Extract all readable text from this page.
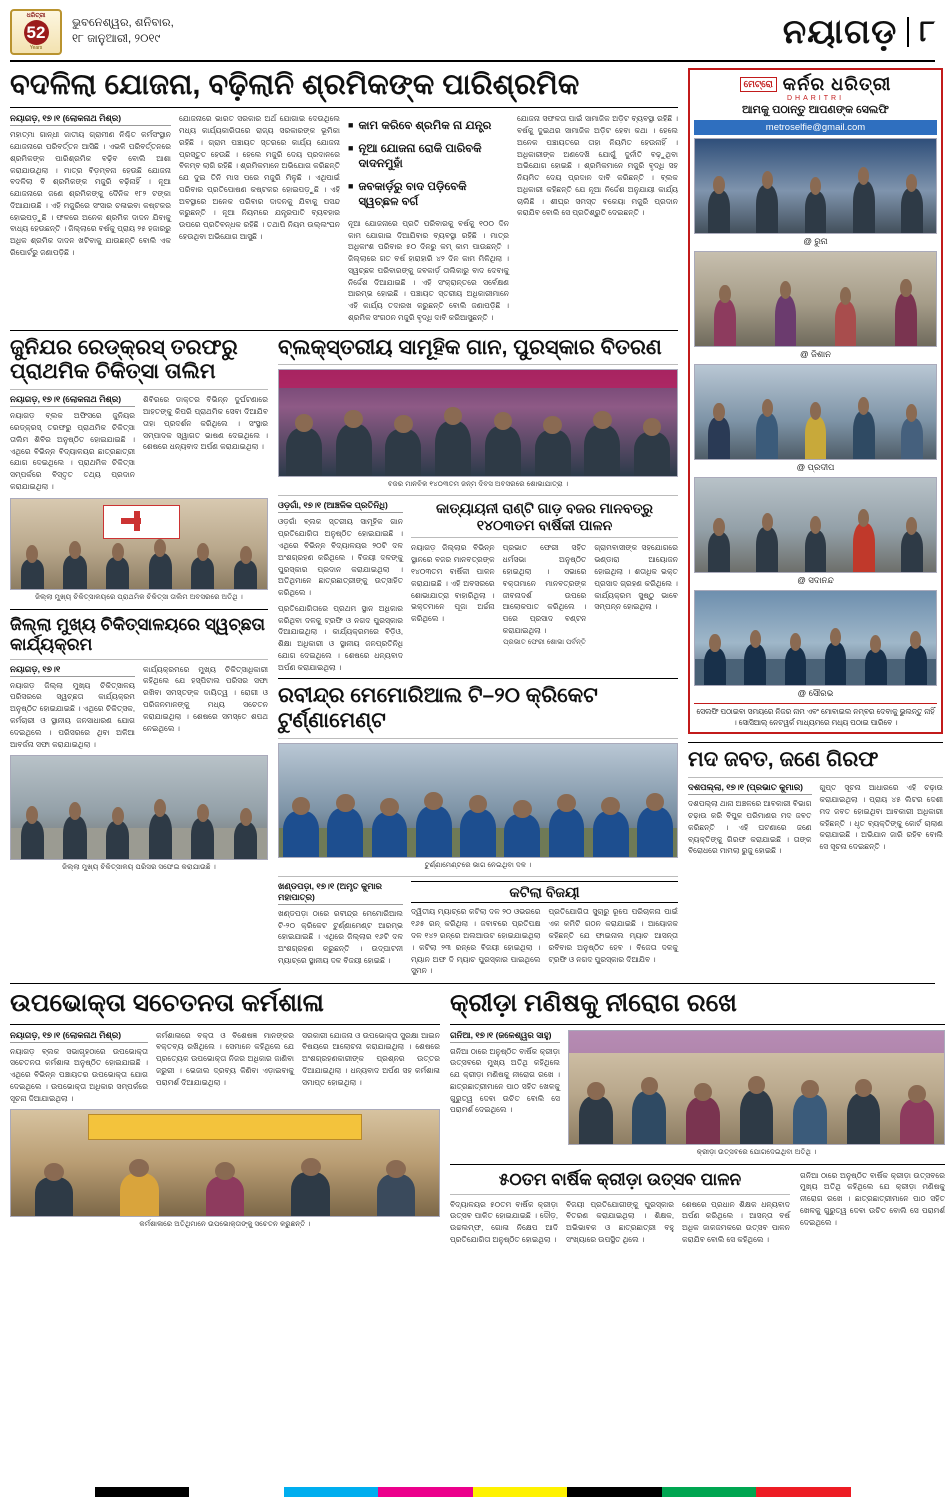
ଧରିତ୍ରୀ
52
Years
ଭୁବନେଶ୍ୱର, ଶନିବାର,
୧୮ ଜାନୁଆରୀ, ୨୦୧୯	ନୟାଗଡ଼ ୮
ବଦଳିଲା ଯୋଜନା, ବଢ଼ିଲାନି ଶ୍ରମିକଙ୍କ ପାରିଶ୍ରମିକ
ନୟାଗଡ଼, ୧୭।୧ (ଲୋକନାଥ ମିଶ୍ର)
ମହାତ୍ମା ଗାନ୍ଧୀ ଜାତୀୟ ଗ୍ରାମୀଣ ନିଶ୍ଚିତ କର୍ମସଂସ୍ଥାନ ଯୋଜନାରେ ପରିବର୍ତ୍ତନ ଆସିଛି । ଏଭଳି ପରିବର୍ତ୍ତନରେ ଶ୍ରମିକଙ୍କ ପାରିଶ୍ରମିକ ବଢ଼ିବ ବୋଲି ଆଶା କରାଯାଉଥିଲା । ମାତ୍ର ବିଡ଼ମ୍ବନା ହେଉଛି ଯୋଜନା ବଦଳିଲା ବି ଶ୍ରମିକଙ୍କ ମଜୁରି ବଢ଼ିନାହିଁ । ନୂଆ ଯୋଜନାରେ ଜଣେ ଶ୍ରମିକଙ୍କୁ ଦୈନିକ ୧୮୨ ଟଙ୍କା ଦିଆଯାଉଛି । ଏହି ମଜୁରିରେ ସଂସାର ଚଳାଇବା କଷ୍ଟକର ହୋଇପଡ଼ୁଛି । ଫଳରେ ଅନେକ ଶ୍ରମିକ ଦାଦନ ଯିବାକୁ ବାଧ୍ୟ ହେଉଛନ୍ତି । ଜିଲ୍ଲାରେ ବର୍ଷକୁ ପ୍ରାୟ ୨୫ ହଜାରରୁ ଅଧିକ ଶ୍ରମିକ ଦାଦନ ଖଟିବାକୁ ଯାଉଛନ୍ତି ବୋଲି ଏକ ରିପୋର୍ଟରୁ ଜଣାପଡ଼ିଛି ।
ଯୋଜନାରେ ଭାରତ ସରକାର ଅର୍ଥ ଯୋଗାଇ ଦେଉଥିଲେ ମଧ୍ୟ କାର୍ଯ୍ୟକାରିତାରେ ରାଜ୍ୟ ସରକାରଙ୍କ ଭୂମିକା ରହିଛି । ଗ୍ରାମ ପଞ୍ଚାୟତ ସ୍ତରରେ କାର୍ଯ୍ୟ ଯୋଜନା ପ୍ରସ୍ତୁତ ହେଉଛି । ହେଲେ ମଜୁରି ଦେୟ ପ୍ରଦାନରେ ବିଳମ୍ବ ଲାଗି ରହିଛି । ଶ୍ରମିକମାନେ ଅଭିଯୋଗ କରିଛନ୍ତି ଯେ ଦୁଇ ତିନି ମାସ ପରେ ମଜୁରି ମିଳୁଛି । ଏଥିପାଇଁ ପରିବାର ପ୍ରତିପୋଷଣ କଷ୍ଟକର ହୋଇପଡ଼ୁଛି । ଏହି ଅବସ୍ଥାରେ ଅନେକ ପରିବାର ଦାଦନକୁ ଯିବାକୁ ପସନ୍ଦ କରୁଛନ୍ତି । ନୂଆ ନିୟମରେ ଯନ୍ତ୍ରପାତି ବ୍ୟବହାର ଉପରେ ପ୍ରତିବନ୍ଧକ ରହିଛି । ତଥାପି ନିୟମ ଉଲ୍ଲଂଘନ ହେଉଥିବା ଅଭିଯୋଗ ଆସୁଛି ।
■ କାମ କରିବେ ଶ୍ରମିକ ନା ଯନ୍ତ୍ର
■ ନୂଆ ଯୋଜନା ରୋକି ପାରିବକି ଦାଦନମୁହାଁ
■ ଜବକାର୍ଡ଼ରୁ ବାଦ ପଡ଼ିବେକି ସ୍ୱଚ୍ଛଳ ବର୍ଗ
ନୂଆ ଯୋଜନାରେ ପ୍ରତି ପରିବାରକୁ ବର୍ଷକୁ ୧୦୦ ଦିନ କାମ ଯୋଗାଇ ଦିଆଯିବାର ବ୍ୟବସ୍ଥା ରହିଛି । ମାତ୍ର ଅଧିକାଂଶ ପରିବାର ୫୦ ଦିନରୁ କମ୍ କାମ ପାଉଛନ୍ତି । ଜିଲ୍ଲାରେ ଗତ ବର୍ଷ ହାରାହାରି ୪୨ ଦିନ କାମ ମିଳିଥିଲା । ସ୍ୱଚ୍ଛଳ ପରିବାରଙ୍କୁ ଜବକାର୍ଡ଼ ତାଲିକାରୁ ବାଦ ଦେବାକୁ ନିର୍ଦ୍ଦେଶ ଦିଆଯାଇଛି । ଏହି ସଂକ୍ରାନ୍ତରେ ସର୍ବେକ୍ଷଣ ଆରମ୍ଭ ହୋଇଛି । ପଞ୍ଚାୟତ ସ୍ତରୀୟ ଅଧିକାରୀମାନେ ଏହି କାର୍ଯ୍ୟ ତଦାରଖ କରୁଛନ୍ତି ବୋଲି ଜଣାପଡ଼ିଛି । ଶ୍ରମିକ ସଂଗଠନ ମଜୁରି ବୃଦ୍ଧି ଦାବି କରିଆସୁଛନ୍ତି ।
ଯୋଜନା ସଫଳତା ପାଇଁ ସାମାଜିକ ଅଡ଼ିଟ ବ୍ୟବସ୍ଥା ରହିଛି । ବର୍ଷକୁ ଦୁଇଥର ସାମାଜିକ ଅଡ଼ିଟ ହେବା କଥା । ହେଲେ ଅନେକ ପଞ୍ଚାୟତରେ ତାହା ନିୟମିତ ହେଉନାହିଁ । ଅଧିକାରୀଙ୍କ ଅଣଦେଖି ଯୋଗୁଁ ଦୁର୍ନୀତି ବଢ଼ୁଥିବା ଅଭିଯୋଗ ହୋଇଛି । ଶ୍ରମିକମାନେ ମଜୁରି ବୃଦ୍ଧି ସହ ନିୟମିତ ଦେୟ ପ୍ରଦାନ ଦାବି କରିଛନ୍ତି । ବ୍ଲକ ଅଧିକାରୀ କହିଛନ୍ତି ଯେ ନୂଆ ନିର୍ଦ୍ଦେଶ ଅନୁଯାୟୀ କାର୍ଯ୍ୟ ଚାଲିଛି । ଶୀଘ୍ର ସମସ୍ତ ବକେୟା ମଜୁରି ପ୍ରଦାନ କରାଯିବ ବୋଲି ସେ ପ୍ରତିଶ୍ରୁତି ଦେଇଛନ୍ତି ।
ଜୁନିଯର ରେଡ୍‌କ୍ରସ୍‌ ତରଫରୁ ପ୍ରାଥମିକ ଚିକିତ୍ସା ତାଲିମ
ନୟାଗଡ଼, ୧୭।୧ (ଲୋକନାଥ ମିଶ୍ର)
ନୟାଗଡ଼ ବ୍ଲକ ଅଫିସରେ ଜୁନିୟର ରେଡ୍‌କ୍ରସ୍ ତରଫରୁ ପ୍ରାଥମିକ ଚିକିତ୍ସା ତାଲିମ ଶିବିର ଅନୁଷ୍ଠିତ ହୋଇଯାଇଛି । ଏଥିରେ ବିଭିନ୍ନ ବିଦ୍ୟାଳୟର ଛାତ୍ରଛାତ୍ରୀ ଯୋଗ ଦେଇଥିଲେ । ପ୍ରାଥମିକ ଚିକିତ୍ସା ସମ୍ପର୍କରେ ବିସ୍ତୃତ ତଥ୍ୟ ପ୍ରଦାନ କରାଯାଇଥିଲା ।
ଶିବିରରେ ଡାକ୍ତର ବିଭିନ୍ନ ଦୁର୍ଘଟଣାରେ ଆହତଙ୍କୁ କିପରି ପ୍ରାଥମିକ ସେବା ଦିଆଯିବ ତାହା ପ୍ରଦର୍ଶନ କରିଥିଲେ । ସଂସ୍ଥାର ସମ୍ପାଦକ ସ୍ୱାଗତ ଭାଷଣ ଦେଇଥିଲେ । ଶେଷରେ ଧନ୍ୟବାଦ ଅର୍ପଣ କରାଯାଇଥିଲା ।
ଜିଲ୍ଲା ମୁଖ୍ୟ ଚିକିତ୍ସାଳୟରେ ପ୍ରାଥମିକ ଚିକିତ୍ସା ତାଲିମ ଅବସରରେ ଅତିଥି ।
ଜିଲ୍ଲା ମୁଖ୍ୟ ଚିକିତ୍ସାଳୟରେ ସ୍ୱଚ୍ଛତା କାର୍ଯ୍ୟକ୍ରମ
ନୟାଗଡ଼, ୧୭।୧
ନୟାଗଡ଼ ଜିଲ୍ଲା ମୁଖ୍ୟ ଚିକିତ୍ସାଳୟ ପରିସରରେ ସ୍ୱଚ୍ଛତା କାର୍ଯ୍ୟକ୍ରମ ଅନୁଷ୍ଠିତ ହୋଇଯାଇଛି । ଏଥିରେ ଚିକିତ୍ସକ, କର୍ମଚାରୀ ଓ ସ୍ଥାନୀୟ ଜନସାଧାରଣ ଯୋଗ ଦେଇଥିଲେ । ପରିସରରେ ଥିବା ଅଳିଆ ଆବର୍ଜନା ସଫା କରାଯାଇଥିଲା ।
କାର୍ଯ୍ୟକ୍ରମରେ ମୁଖ୍ୟ ଚିକିତ୍ସାଧିକାରୀ କହିଥିଲେ ଯେ ହସ୍ପିଟାଲ ପରିସର ସଫା ରଖିବା ସମସ୍ତଙ୍କ ଦାୟିତ୍ୱ । ରୋଗୀ ଓ ପରିଜନମାନଙ୍କୁ ମଧ୍ୟ ସଚେତନ କରାଯାଇଥିଲା । ଶେଷରେ ସମସ୍ତେ ଶପଥ ନେଇଥିଲେ ।
ଜିଲ୍ଲା ମୁଖ୍ୟ ଚିକିତ୍ସାଳୟ ପରିସର ସଫେଇ କରାଯାଉଛି ।
ବ୍ଲକ୍‌ସ୍ତରୀୟ ସାମୂହିକ ଗାନ, ପୁରସ୍କାର ବିତରଣ
ବଜର ମାନବିକ ୧୪୦୩ତମ ଜନ୍ମ ଦିବସ ଅବସରରେ ଶୋଭାଯାତ୍ରା ।
ଓଡ଼ଗାଁ, ୧୭।୧ (ଆଞ୍ଚଳିକ ପ୍ରତିନିଧି)
ଓଡ଼ଗାଁ ବ୍ଲକ ସ୍ତରୀୟ ସାମୂହିକ ଗାନ ପ୍ରତିଯୋଗିତା ଅନୁଷ୍ଠିତ ହୋଇଯାଇଛି । ଏଥିରେ ବିଭିନ୍ନ ବିଦ୍ୟାଳୟର ୨୦ଟି ଦଳ ଅଂଶଗ୍ରହଣ କରିଥିଲେ । ବିଜୟୀ ଦଳଙ୍କୁ ପୁରସ୍କାର ପ୍ରଦାନ କରାଯାଇଥିଲା । ଅତିଥିମାନେ ଛାତ୍ରଛାତ୍ରୀଙ୍କୁ ଉତ୍ସାହିତ କରିଥିଲେ ।
ପ୍ରତିଯୋଗିତାରେ ପ୍ରଥମ ସ୍ଥାନ ଅଧିକାର କରିଥିବା ଦଳକୁ ଟ୍ରଫି ଓ ନଗଦ ପୁରସ୍କାର ଦିଆଯାଇଥିଲା । କାର୍ଯ୍ୟକ୍ରମରେ ବିଡ଼ିଓ, ଶିକ୍ଷା ଅଧିକାରୀ ଓ ସ୍ଥାନୀୟ ଜନପ୍ରତିନିଧି ଯୋଗ ଦେଇଥିଲେ । ଶେଷରେ ଧନ୍ୟବାଦ ଅର୍ପଣ କରାଯାଇଥିଲା ।
କାତ୍ୟାୟନୀ ରାଣ୍ଟି ଗାଡ଼ ବଜର ମାନବତ୍ରୁ ୧୪୦୩ତମ ବାର୍ଷିକୀ ପାଳନ
ନୟାଗଡ଼ ଜିଲ୍ଲାର ବିଭିନ୍ନ ସ୍ଥାନରେ ବଜର ମାନବତ୍ରଙ୍କ ୧୪୦୩ତମ ବାର୍ଷିକୀ ପାଳନ କରାଯାଇଛି । ଏହି ଅବସରରେ ଶୋଭାଯାତ୍ରା ବାହାରିଥିଲା । ଭକ୍ତମାନେ ପୂଜା ଅର୍ଚ୍ଚନା କରିଥିଲେ ।
ପ୍ରଭାତ ଫେରୀ ସହିତ ଧର୍ମସଭା ଅନୁଷ୍ଠିତ ହୋଇଥିଲା । ସଭାରେ ବକ୍ତାମାନେ ମାନବତ୍ରଙ୍କ ଜୀବନାଦର୍ଶ ଉପରେ ଆଲୋକପାତ କରିଥିଲେ । ପରେ ପ୍ରସାଦ ବଣ୍ଟନ କରାଯାଇଥିଲା ।
ଗ୍ରାମବାସୀଙ୍କ ସହଯୋଗରେ ଭଣ୍ଡାରା ଆୟୋଜନ ହୋଇଥିଲା । ଶତାଧିକ ଭକ୍ତ ପ୍ରସାଦ ଗ୍ରହଣ କରିଥିଲେ । କାର୍ଯ୍ୟକ୍ରମ ସୁଷ୍ଠୁ ଭାବେ ସମ୍ପନ୍ନ ହୋଇଥିଲା ।
ପ୍ରଭାତ ଫେରୀ ଶୋଭା ପର୍ବନ୍ତି
ରବୀନ୍ଦ୍ର ମେମୋରିଆଲ ଟି–୨୦ କ୍ରିକେଟ ଟୁର୍ଣ୍ଣାମେଣ୍ଟ
ଟୁର୍ଣ୍ଣାମେଣ୍ଟରେ ଭାଗ ନେଇଥିବା ଦଳ ।
ଖଣ୍ଡପଡ଼ା, ୧୭।୧ (ଅମୃତ କୁମାର ମହାପାତ୍ର)
ଖଣ୍ଡପଡ଼ା ଠାରେ ରବୀନ୍ଦ୍ର ମେମୋରିଆଲ ଟି-୨୦ କ୍ରିକେଟ ଟୁର୍ଣ୍ଣାମେଣ୍ଟ ଆରମ୍ଭ ହୋଇଯାଇଛି । ଏଥିରେ ଜିଲ୍ଲାର ୧୬ଟି ଦଳ ଅଂଶଗ୍ରହଣ କରୁଛନ୍ତି । ଉଦ୍‌ଘାଟନୀ ମ୍ୟାଚ୍‌ରେ ସ୍ଥାନୀୟ ଦଳ ବିଜୟୀ ହୋଇଛି ।
କଟିଲା ବିଜୟୀ
ଦ୍ୱିତୀୟ ମ୍ୟାଚ୍‌ରେ କଟିଲା ଦଳ ୨୦ ଓଭରରେ ୧୬୫ ରନ୍ କରିଥିଲା । ଜବାବରେ ପ୍ରତିପକ୍ଷ ଦଳ ୧୪୨ ରନ୍‌ରେ ଅଲଆଉଟ ହୋଇଯାଇଥିଲା । କଟିଲା ୨୩ ରନ୍‌ରେ ବିଜୟୀ ହୋଇଥିଲା । ମ୍ୟାନ ଅଫ ଦି ମ୍ୟାଚ ପୁରସ୍କାର ପାଇଥିଲେ ସୁମନ ।
ପ୍ରତିଯୋଗିତା ସୁଚାରୁ ରୂପେ ପରିଚାଳନା ପାଇଁ ଏକ କମିଟି ଗଠନ କରାଯାଇଛି । ଆୟୋଜକ କହିଛନ୍ତି ଯେ ଫାଇନାଲ ମ୍ୟାଚ ଆସନ୍ତା ରବିବାର ଅନୁଷ୍ଠିତ ହେବ । ବିଜେତା ଦଳକୁ ଟ୍ରଫି ଓ ନଗଦ ପୁରସ୍କାର ଦିଆଯିବ ।
ମେଟ୍ରୋ କର୍ନର ଧରିତ୍ରୀ
DHARITRI
ଆମକୁ ପଠାନ୍ତୁ ଆପଣଙ୍କ ସେଲଫି
metroselfie@gmail.com
@ ରୁନା
@ ଜିଶାନ
@ ପ୍ରଦୀପ
@ ସଦାନନ୍ଦ
@ ସୌରଭ
ସେଲଫି ପଠାଇବା ସମୟରେ ନିଜର ନାମ ଏବଂ ମୋବାଇଲ ନମ୍ବର ଦେବାକୁ ଭୁଲନ୍ତୁ ନାହିଁ । ସୋସିଆଲ୍ ନେଟୱର୍କ ମାଧ୍ୟମରେ ମଧ୍ୟ ପଠାଇ ପାରିବେ ।
ମଦ ଜବତ, ଜଣେ ଗିରଫ
ଦଶପଲ୍ଲା, ୧୭।୧ (ପ୍ରଭାତ କୁମାର)
ଦଶପଲ୍ଲା ଥାନା ଅଞ୍ଚଳରେ ଆବକାରୀ ବିଭାଗ ଚଢ଼ାଉ କରି ବିପୁଳ ପରିମାଣର ମଦ ଜବତ କରିଛନ୍ତି । ଏହି ଘଟଣାରେ ଜଣେ ବ୍ୟକ୍ତିଙ୍କୁ ଗିରଫ କରାଯାଇଛି । ତାଙ୍କ ବିରୋଧରେ ମାମଲା ରୁଜୁ ହୋଇଛି ।
ଗୁପ୍ତ ସୂଚନା ଆଧାରରେ ଏହି ଚଢ଼ାଉ କରାଯାଇଥିଲା । ପ୍ରାୟ ୪୫ ଲିଟର ଦେଶୀ ମଦ ଜବତ ହୋଇଥିବା ଆବକାରୀ ଅଧିକାରୀ କହିଛନ୍ତି । ଧୃତ ବ୍ୟକ୍ତିଙ୍କୁ କୋର୍ଟ ଚାଲାଣ କରାଯାଇଛି । ଅଭିଯାନ ଜାରି ରହିବ ବୋଲି ସେ ସୂଚନା ଦେଇଛନ୍ତି ।
ଉପଭୋକ୍ତା ସଚେତନତା କର୍ମଶାଳା
ନୟାଗଡ଼, ୧୭।୧ (ଲୋକନାଥ ମିଶ୍ର)
ନୟାଗଡ଼ ବ୍ଲକ ସଭାଗୃହଠାରେ ଉପଭୋକ୍ତା ସଚେତନତା କର୍ମଶାଳା ଅନୁଷ୍ଠିତ ହୋଇଯାଇଛି । ଏଥିରେ ବିଭିନ୍ନ ପଞ୍ଚାୟତର ଉପଭୋକ୍ତା ଯୋଗ ଦେଇଥିଲେ । ଉପଭୋକ୍ତା ଅଧିକାର ସମ୍ପର୍କରେ ସୂଚନା ଦିଆଯାଇଥିଲା ।
କର୍ମଶାଳାରେ ବକ୍ତା ଓ ବିଶେଷଜ୍ଞ ମାନଙ୍କର ବକ୍ତବ୍ୟ ରଖିଥିଲେ । ସେମାନେ କହିଥିଲେ ଯେ ପ୍ରତ୍ୟେକ ଉପଭୋକ୍ତା ନିଜର ଅଧିକାର ଜାଣିବା ଜରୁରୀ । ଭେଜାଲ ଦ୍ରବ୍ୟ କିଣିବା ଏଡ଼ାଇବାକୁ ପରାମର୍ଶ ଦିଆଯାଇଥିଲା ।
ସରକାରୀ ଯୋଜନା ଓ ଉପଭୋକ୍ତା ସୁରକ୍ଷା ଆଇନ ବିଷୟରେ ଆଲୋଚନା କରାଯାଇଥିଲା । ଶେଷରେ ଅଂଶଗ୍ରହଣକାରୀଙ୍କ ପ୍ରଶ୍ନର ଉତ୍ତର ଦିଆଯାଇଥିଲା । ଧନ୍ୟବାଦ ଅର୍ପଣ ସହ କର୍ମଶାଳା ସମାପ୍ତ ହୋଇଥିଲା ।
କର୍ମଶାଳାରେ ଅତିଥିମାନେ ଉପଭୋକ୍ତାଙ୍କୁ ସଚେତନ କରୁଛନ୍ତି ।
କ୍ରୀଡ଼ା ମଣିଷକୁ ନୀରୋଗ ରଖେ
ଗନିଆ, ୧୭।୧ (ଜଳେଶ୍ୱର ସାହୁ)
ଗନିଆ ଠାରେ ଅନୁଷ୍ଠିତ ବାର୍ଷିକ କ୍ରୀଡ଼ା ଉତ୍ସବରେ ମୁଖ୍ୟ ଅତିଥି କହିଥିଲେ ଯେ କ୍ରୀଡ଼ା ମଣିଷକୁ ନୀରୋଗ ରଖେ । ଛାତ୍ରଛାତ୍ରୀମାନେ ପାଠ ସହିତ ଖେଳକୁ ଗୁରୁତ୍ୱ ଦେବା ଉଚିତ ବୋଲି ସେ ପରାମର୍ଶ ଦେଇଥିଲେ ।
କ୍ରୀଡ଼ା ଉତ୍ସବରେ ଯୋଗଦେଇଥିବା ଅତିଥି ।
୫୦ତମ ବାର୍ଷିକ କ୍ରୀଡ଼ା ଉତ୍ସବ ପାଳନ
ବିଦ୍ୟାଳୟର ୫୦ତମ ବାର୍ଷିକ କ୍ରୀଡ଼ା ଉତ୍ସବ ପାଳିତ ହୋଇଯାଇଛି । ଦୌଡ଼, ଉଚ୍ଚଲମ୍ଫ, ଗୋଳା ନିକ୍ଷେପ ଆଦି ପ୍ରତିଯୋଗିତା ଅନୁଷ୍ଠିତ ହୋଇଥିଲା ।
ବିଜୟୀ ପ୍ରତିଯୋଗୀଙ୍କୁ ପୁରସ୍କାର ବିତରଣ କରାଯାଇଥିଲା । ଶିକ୍ଷକ, ଅଭିଭାବକ ଓ ଛାତ୍ରଛାତ୍ରୀ ବହୁ ସଂଖ୍ୟାରେ ଉପସ୍ଥିତ ଥିଲେ ।
ଶେଷରେ ପ୍ରଧାନ ଶିକ୍ଷକ ଧନ୍ୟବାଦ ଅର୍ପଣ କରିଥିଲେ । ଆସନ୍ତା ବର୍ଷ ଅଧିକ ଜାକଜମକରେ ଉତ୍ସବ ପାଳନ କରାଯିବ ବୋଲି ସେ କହିଥିଲେ ।
ଗନିଆ ଠାରେ ଅନୁଷ୍ଠିତ ବାର୍ଷିକ କ୍ରୀଡ଼ା ଉତ୍ସବରେ ମୁଖ୍ୟ ଅତିଥି କହିଥିଲେ ଯେ କ୍ରୀଡ଼ା ମଣିଷକୁ ନୀରୋଗ ରଖେ । ଛାତ୍ରଛାତ୍ରୀମାନେ ପାଠ ସହିତ ଖେଳକୁ ଗୁରୁତ୍ୱ ଦେବା ଉଚିତ ବୋଲି ସେ ପରାମର୍ଶ ଦେଇଥିଲେ ।
